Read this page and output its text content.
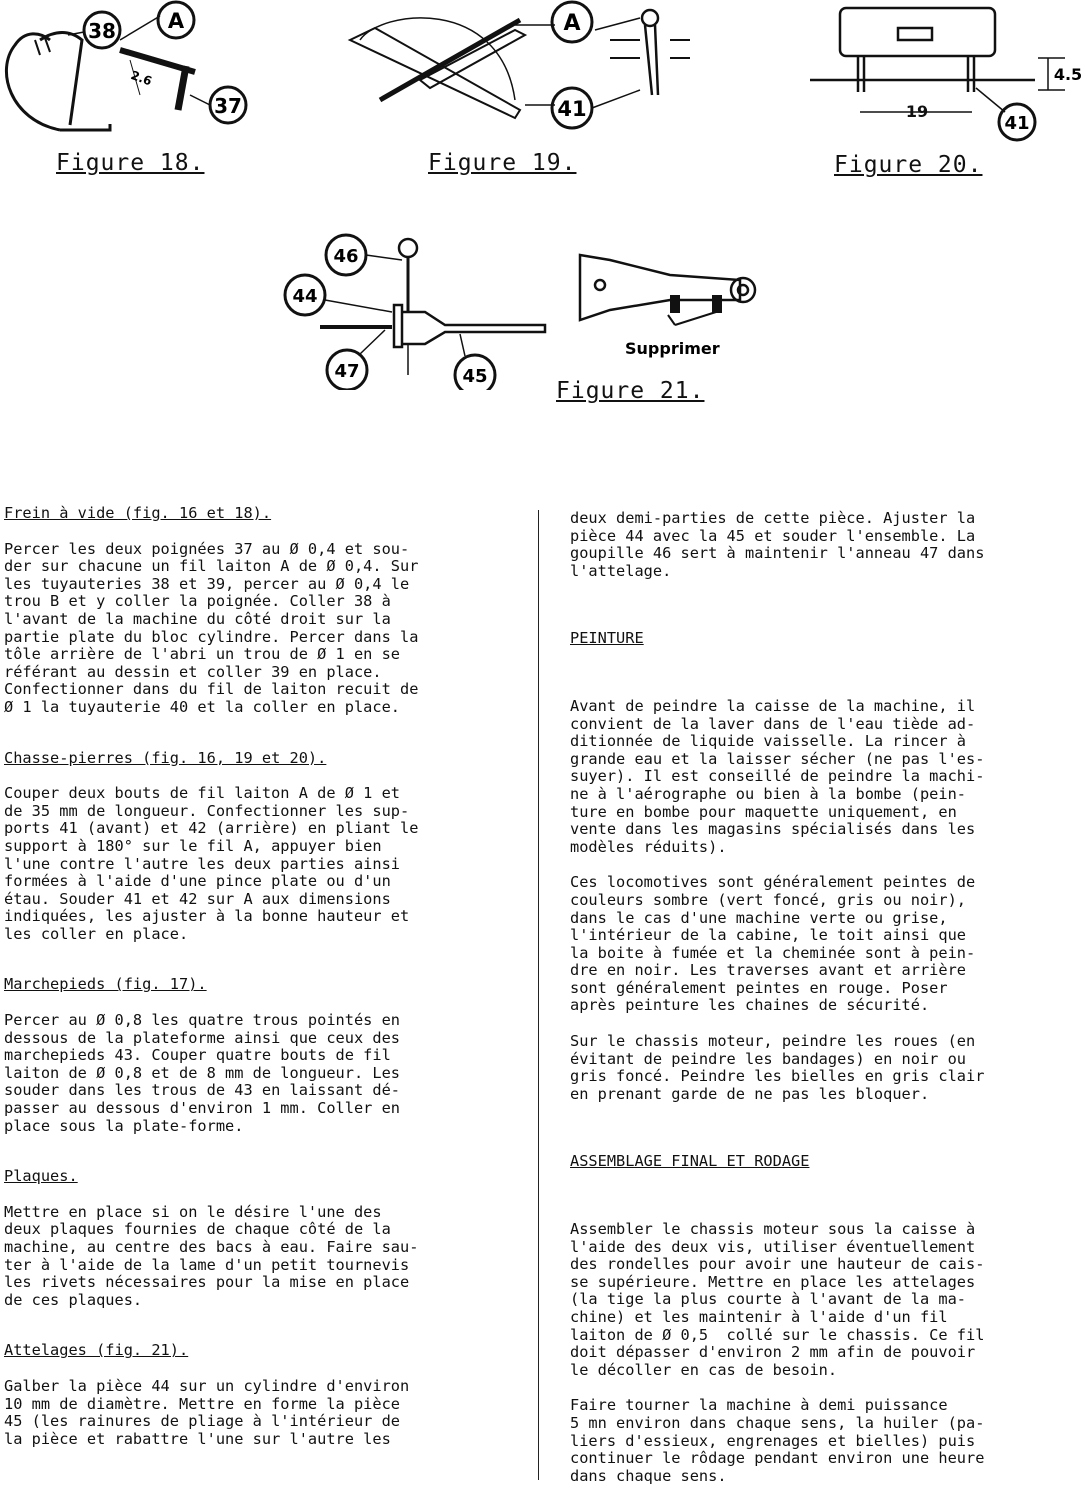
38 A
37
2.6
Figure 18.
A
41
Figure 19.
4.5
19
41
Figure 20.
46
44
47	45
Supprimer
Figure 21.

Frein à vide (fig. 16 et 18).

Percer les deux poignées 37 au Ø 0,4 et sou-

der sur chacune un fil laiton A de Ø 0,4. Sur

les tuyauteries 38 et 39, percer au Ø 0,4 le

trou B et y coller la poignée. Coller 38 à

l'avant de la machine du côté droit sur la

partie plate du bloc cylindre. Percer dans la

tôle arrière de l'abri un trou de Ø 1 en se

référant au dessin et coller 39 en place.

Confectionner dans du fil de laiton recuit de

Ø 1 la tuyauterie 40 et la coller en place.

Chasse-pierres (fig. 16, 19 et 20).

Couper deux bouts de fil laiton A de Ø 1 et

de 35 mm de longueur. Confectionner les sup-

ports 41 (avant) et 42 (arrière) en pliant le

support à 180° sur le fil A, appuyer bien

l'une contre l'autre les deux parties ainsi

formées à l'aide d'une pince plate ou d'un

étau. Souder 41 et 42 sur A aux dimensions

indiquées, les ajuster à la bonne hauteur et

les coller en place.

Marchepieds (fig. 17).

Percer au Ø 0,8 les quatre trous pointés en

dessous de la plateforme ainsi que ceux des

marchepieds 43. Couper quatre bouts de fil

laiton de Ø 0,8 et de 8 mm de longueur. Les

souder dans les trous de 43 en laissant dé-

passer au dessous d'environ 1 mm. Coller en

place sous la plate-forme.

Plaques.

Mettre en place si on le désire l'une des

deux plaques fournies de chaque côté de la

machine, au centre des bacs à eau. Faire sau-

ter à l'aide de la lame d'un petit tournevis

les rivets nécessaires pour la mise en place

de ces plaques.

Attelages (fig. 21).

Galber la pièce 44 sur un cylindre d'environ

10 mm de diamètre. Mettre en forme la pièce

45 (les rainures de pliage à l'intérieur de

la pièce et rabattre l'une sur l'autre les

deux demi-parties de cette pièce. Ajuster la

pièce 44 avec la 45 et souder l'ensemble. La

goupille 46 sert à maintenir l'anneau 47 dans

l'attelage.

PEINTURE

Avant de peindre la caisse de la machine, il

convient de la laver dans de l'eau tiède ad-

ditionnée de liquide vaisselle. La rincer à

grande eau et la laisser sécher (ne pas l'es-

suyer). Il est conseillé de peindre la machi-

ne à l'aérographe ou bien à la bombe (pein-

ture en bombe pour maquette uniquement, en

vente dans les magasins spécialisés dans les

modèles réduits).

Ces locomotives sont généralement peintes de

couleurs sombre (vert foncé, gris ou noir),

dans le cas d'une machine verte ou grise,

l'intérieur de la cabine, le toit ainsi que

la boite à fumée et la cheminée sont à pein-

dre en noir. Les traverses avant et arrière

sont généralement peintes en rouge. Poser

après peinture les chaines de sécurité.

Sur le chassis moteur, peindre les roues (en

évitant de peindre les bandages) en noir ou

gris foncé. Peindre les bielles en gris clair

en prenant garde de ne pas les bloquer.

ASSEMBLAGE FINAL ET RODAGE

Assembler le chassis moteur sous la caisse à

l'aide des deux vis, utiliser éventuellement

des rondelles pour avoir une hauteur de cais-

se supérieure. Mettre en place les attelages

(la tige la plus courte à l'avant de la ma-

chine) et les maintenir à l'aide d'un fil

laiton de Ø 0,5  collé sur le chassis. Ce fil

doit dépasser d'environ 2 mm afin de pouvoir

le décoller en cas de besoin.

Faire tourner la machine à demi puissance

5 mn environ dans chaque sens, la huiler (pa-

liers d'essieux, engrenages et bielles) puis

continuer le rôdage pendant environ une heure

dans chaque sens.
